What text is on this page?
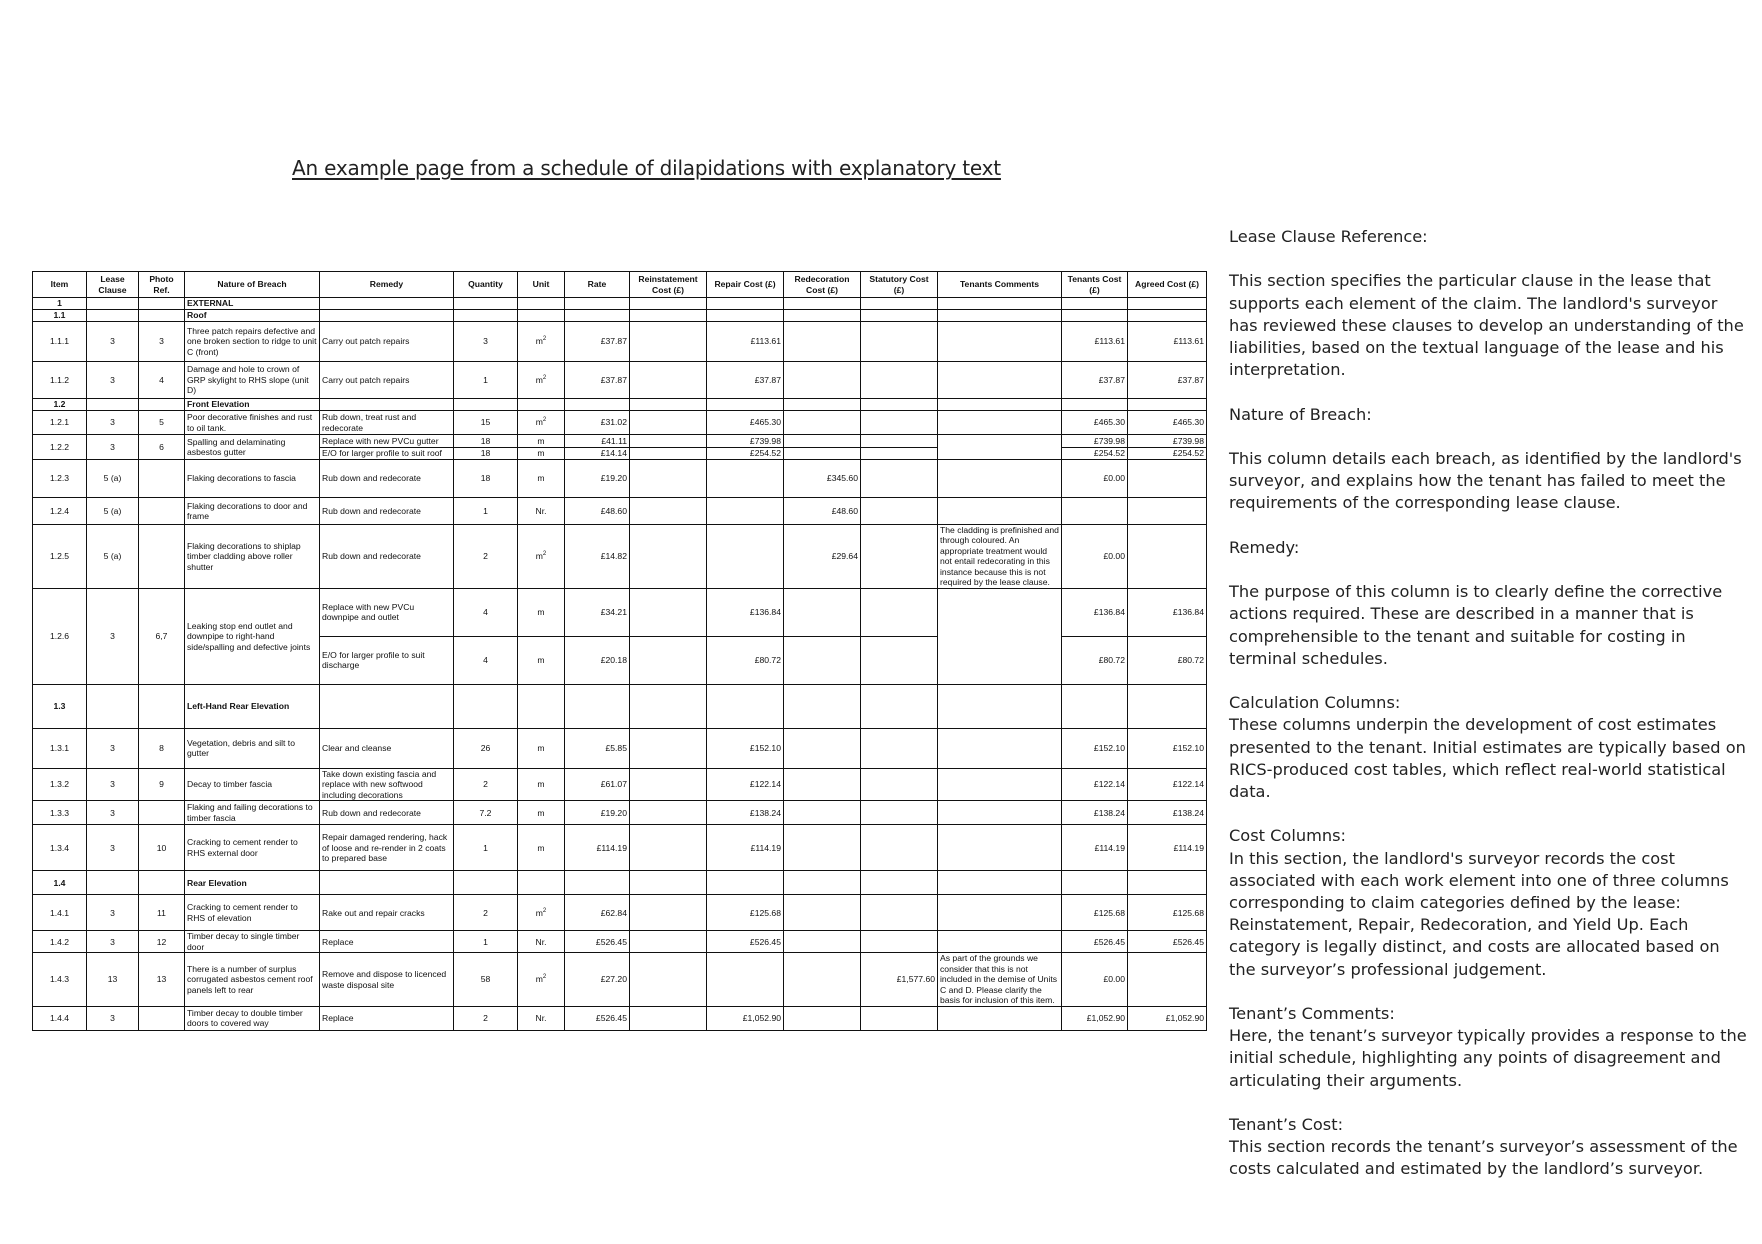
An example page from a schedule of dilapidations with explanatory text
Item	Lease Clause	Photo Ref.	Nature of Breach	Remedy	Quantity	Unit	Rate	Reinstatement Cost (£)	Repair Cost (£)	Redecoration Cost (£)	Statutory Cost (£)	Tenants Comments	Tenants Cost (£)	Agreed Cost (£)
1			EXTERNAL											
1.1			Roof											
1.1.1	3	3	Three patch repairs defective and one broken section to ridge to unit C (front)	Carry out patch repairs	3	$m^2$	£37.87		£113.61				£113.61	£113.61
1.1.2	3	4	Damage and hole to crown of GRP skylight to RHS slope (unit D)	Carry out patch repairs	1	$m^2$	£37.87		£37.87				£37.87	£37.87
1.2			Front Elevation											
1.2.1	3	5	Poor decorative finishes and rust to oil tank.	Rub down, treat rust and redecorate	15	$m^2$	£31.02		£465.30				£465.30	£465.30
1.2.2	3	6	Spalling and delaminating asbestos gutter	Replace with new PVCu gutter	18	m	£41.11		£739.98				£739.98	£739.98
				E/O for larger profile to suit roof	18	m	£14.14		£254.52				£254.52	£254.52
1.2.3	5 (a)		Flaking decorations to fascia	Rub down and redecorate	18	m	£19.20			£345.60			£0.00	
1.2.4	5 (a)		Flaking decorations to door and frame	Rub down and redecorate	1	Nr.	£48.60			£48.60				
1.2.5	5 (a)		Flaking decorations to shiplap timber cladding above roller shutter	Rub down and redecorate	2	$m^2$	£14.82			£29.64		The cladding is prefinished and through coloured. An appropriate treatment would not entail redecorating in this instance because this is not required by the lease clause.	£0.00	
1.2.6	3	6,7	Leaking stop end outlet and downpipe to right-hand side/spalling and defective joints	Replace with new PVCu downpipe and outlet	4	m	£34.21		£136.84				£136.84	£136.84
				E/O for larger profile to suit discharge	4	m	£20.18		£80.72				£80.72	£80.72
1.3			Left-Hand Rear Elevation											
1.3.1	3	8	Vegetation, debris and silt to gutter	Clear and cleanse	26	m	£5.85		£152.10				£152.10	£152.10
1.3.2	3	9	Decay to timber fascia	Take down existing fascia and replace with new softwood including decorations	2	m	£61.07		£122.14				£122.14	£122.14
1.3.3	3		Flaking and failing decorations to timber fascia	Rub down and redecorate	7.2	m	£19.20		£138.24				£138.24	£138.24
1.3.4	3	10	Cracking to cement render to RHS external door	Repair damaged rendering, hack of loose and re-render in 2 coats to prepared base	1	m	£114.19		£114.19				£114.19	£114.19
1.4			Rear Elevation											
1.4.1	3	11	Cracking to cement render to RHS of elevation	Rake out and repair cracks	2	$m^2$	£62.84		£125.68				£125.68	£125.68
1.4.2	3	12	Timber decay to single timber door	Replace	1	Nr.	£526.45		£526.45				£526.45	£526.45
1.4.3	13	13	There is a number of surplus corrugated asbestos cement roof panels left to rear	Remove and dispose to licenced waste disposal site	58	$m^2$	£27.20				£1,577.60	As part of the grounds we consider that this is not included in the demise of Units C and D. Please clarify the basis for inclusion of this item.	£0.00	
1.4.4	3		Timber decay to double timber doors to covered way	Replace	2	Nr.	£526.45		£1,052.90				£1,052.90	£1,052.90

Lease Clause Reference:

This section specifies the particular clause in the lease that supports each element of the claim. The landlord's surveyor has reviewed these clauses to develop an understanding of the liabilities, based on the textual language of the lease and his interpretation.

Nature of Breach:

This column details each breach, as identified by the landlord's surveyor, and explains how the tenant has failed to meet the requirements of the corresponding lease clause.

Remedy:

The purpose of this column is to clearly define the corrective actions required. These are described in a manner that is comprehensible to the tenant and suitable for costing in terminal schedules.

Calculation Columns:

These columns underpin the development of cost estimates presented to the tenant. Initial estimates are typically based on RICS-produced cost tables, which reflect real-world statistical data.

Cost Columns:

In this section, the landlord's surveyor records the cost associated with each work element into one of three columns corresponding to claim categories defined by the lease: Reinstatement, Repair, Redecoration, and Yield Up. Each category is legally distinct, and costs are allocated based on the surveyor’s professional judgement.

Tenant’s Comments:

Here, the tenant’s surveyor typically provides a response to the initial schedule, highlighting any points of disagreement and articulating their arguments.

Tenant’s Cost:

This section records the tenant’s surveyor’s assessment of the costs calculated and estimated by the landlord’s surveyor.
